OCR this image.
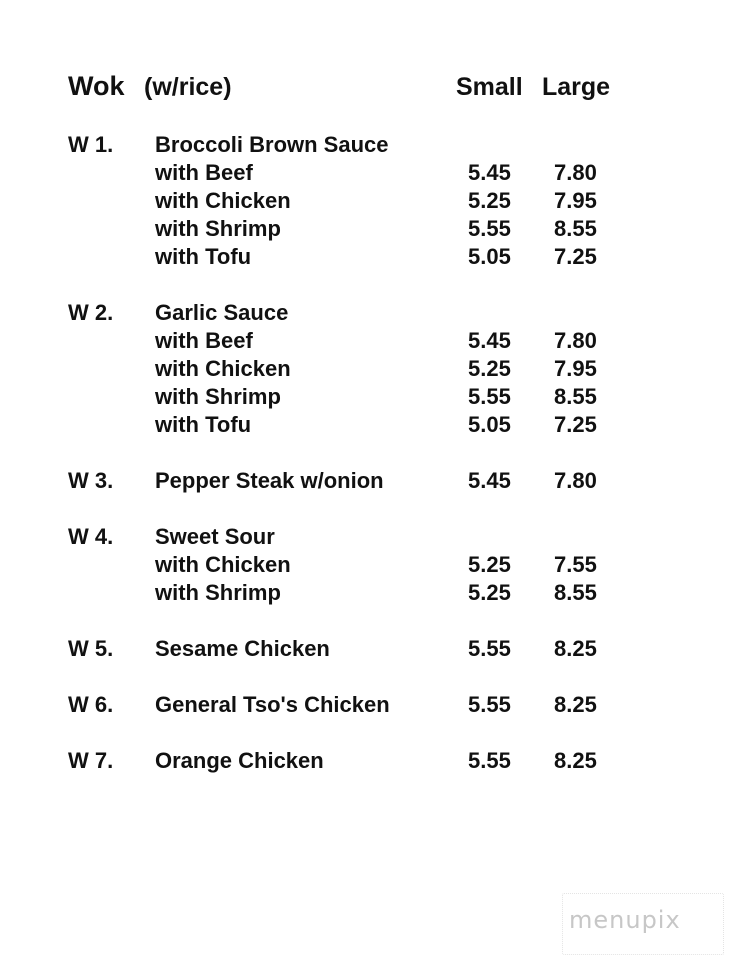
Wok (w/rice)	Small Large
W 1. Broccoli Brown Sauce
with Beef	5.45 7.80
with Chicken	5.25 7.95
with Shrimp	5.55 8.55
with Tofu	5.05 7.25
W 2. Garlic Sauce
with Beef	5.45 7.80
with Chicken	5.25 7.95
with Shrimp	5.55 8.55
with Tofu	5.05 7.25
W 3. Pepper Steak w/onion	5.45 7.80
W 4. Sweet Sour
with Chicken	5.25 7.55
with Shrimp	5.25 8.55
W 5. Sesame Chicken	5.55 8.25
W 6. General Tso's Chicken	5.55 8.25
W 7. Orange Chicken	5.55 8.25
menupix
